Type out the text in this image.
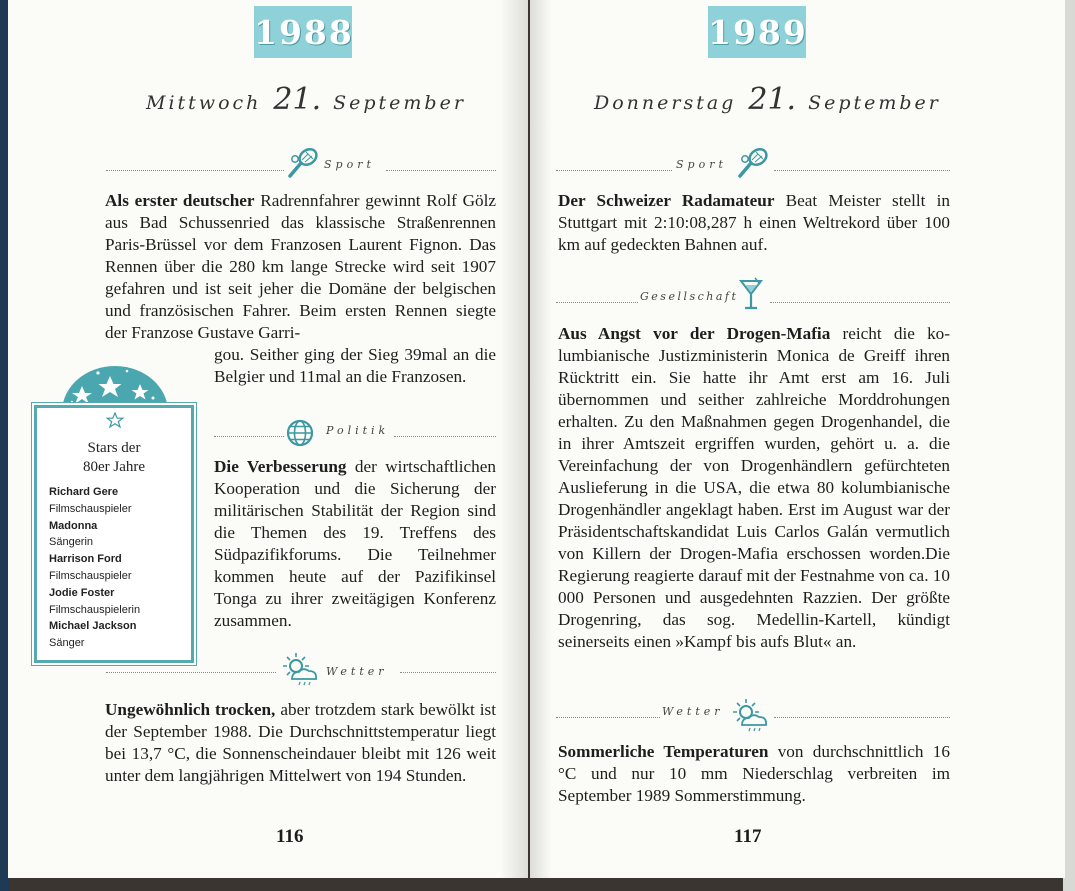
1988
Mittwoch 21. September
Sport

Als erster deutscher Radrennfahrer gewinnt Rolf Gölz aus Bad Schussenried das klassische Straßenrennen Paris-Brüssel vor dem Franzosen Laurent Fignon. Das Rennen über die 280 km lange Strecke wird seit 1907 gefahren und ist seit jeher die Domäne der belgischen und französischen Fahrer. Beim ersten Rennen siegte der Franzose Gustave Garri-

gou. Seither ging der Sieg 39mal an die Belgier und 11mal an die Franzosen.

Stars der
80er Jahre
Richard Gere
Filmschauspieler
Madonna
Sängerin
Harrison Ford
Filmschauspieler
Jodie Foster
Filmschauspielerin
Michael Jackson
Sänger
Politik

Die Verbesserung der wirtschaftlichen Kooperation und die Sicherung der militärischen Stabilität der Region sind die Themen des 19. Treffens des Südpazifikforums. Die Teilnehmer kommen heute auf der Pazifikinsel Tonga zu ihrer zweitägigen Konferenz zusammen.

Wetter

Ungewöhnlich trocken, aber trotzdem stark bewölkt ist der September 1988. Die Durchschnittstemperatur liegt bei 13,7 °C, die Sonnenscheindauer bleibt mit 126 weit unter dem langjährigen Mittelwert von 194 Stunden.

116
1989
Donnerstag 21. September
Sport

Der Schweizer Radamateur Beat Meister stellt in Stuttgart mit 2:10:08,287 h einen Weltrekord über 100 km auf gedeckten Bahnen auf.

Gesellschaft

Aus Angst vor der Drogen-Mafia reicht die kolumbianische Justizministerin Monica de Greiff ihren Rücktritt ein. Sie hatte ihr Amt erst am 16. Juli übernommen und seither zahlreiche Morddrohungen erhalten. Zu den Maßnahmen gegen Drogenhandel, die in ihrer Amtszeit ergriffen wurden, gehört u. a. die Vereinfachung der von Drogenhändlern gefürchteten Auslieferung in die USA, die etwa 80 kolumbianische Drogenhändler angeklagt haben. Erst im August war der Präsidentschaftskandidat Luis Carlos Galán vermutlich von Killern der Drogen-Mafia erschossen worden.Die Regierung reagierte darauf mit der Festnahme von ca. 10 000 Personen und ausgedehnten Razzien. Der größte Drogenring, das sog. Medellin-Kartell, kündigt seinerseits einen »Kampf bis aufs Blut« an.

Wetter

Sommerliche Temperaturen von durchschnittlich 16 °C und nur 10 mm Niederschlag verbreiten im September 1989 Sommerstimmung.

117
